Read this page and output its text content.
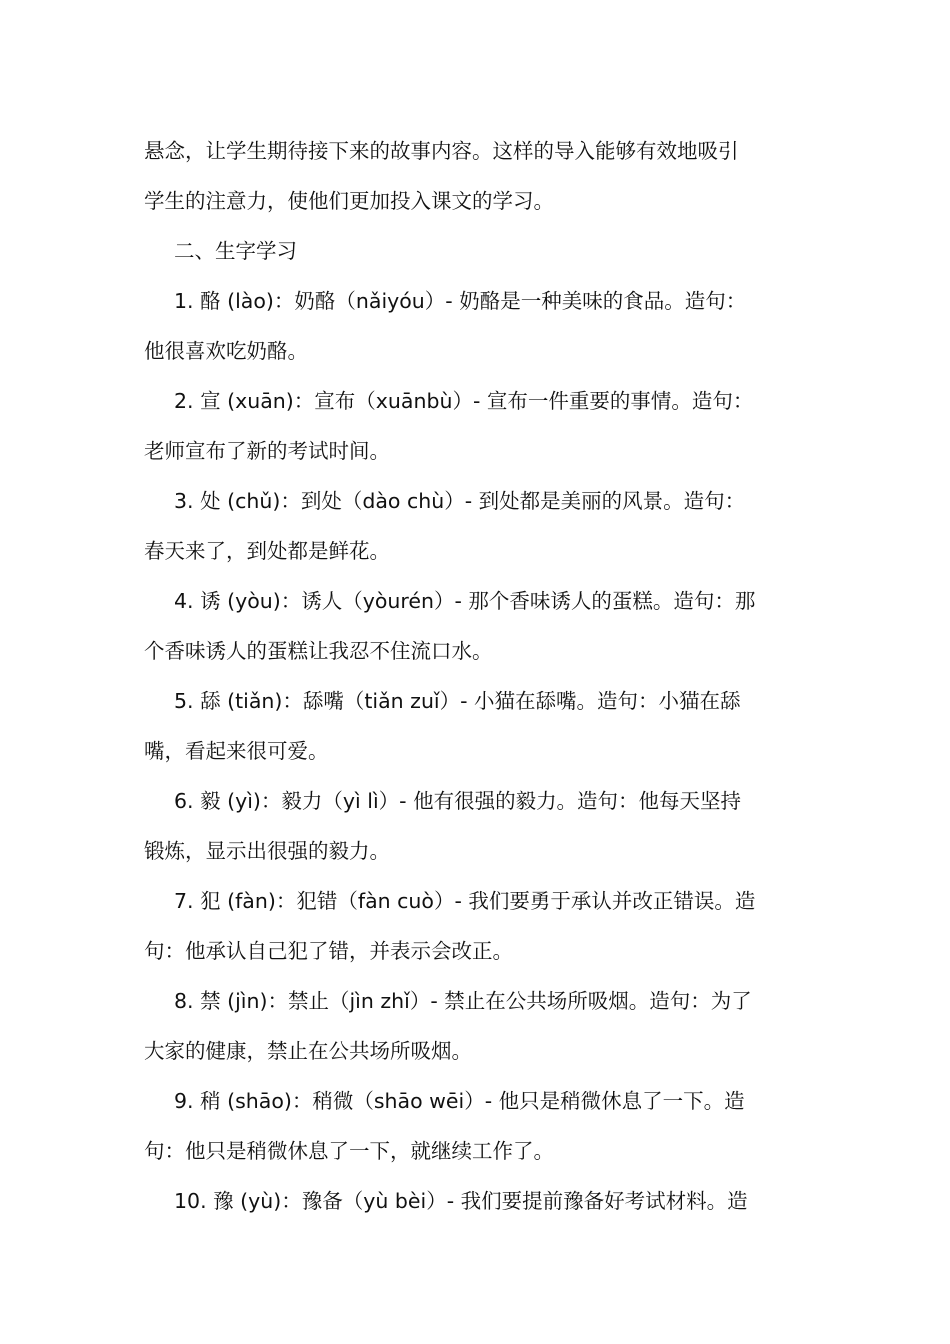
悬念，让学生期待接下来的故事内容。这样的导入能够有效地吸引
学生的注意力，使他们更加投入课文的学习。

二、生字学习

1. 酪 (lào)：奶酪（nǎiyóu）- 奶酪是一种美味的食品。造句：
他很喜欢吃奶酪。
2. 宣 (xuān)：宣布（xuānbù）- 宣布一件重要的事情。造句：
老师宣布了新的考试时间。
3. 处 (chǔ)：到处（dào chù）- 到处都是美丽的风景。造句：
春天来了，到处都是鲜花。
4. 诱 (yòu)：诱人（yòurén）- 那个香味诱人的蛋糕。造句：那
个香味诱人的蛋糕让我忍不住流口水。
5. 舔 (tiǎn)：舔嘴（tiǎn zuǐ）- 小猫在舔嘴。造句：小猫在舔
嘴，看起来很可爱。
6. 毅 (yì)：毅力（yì lì）- 他有很强的毅力。造句：他每天坚持
锻炼，显示出很强的毅力。
7. 犯 (fàn)：犯错（fàn cuò）- 我们要勇于承认并改正错误。造
句：他承认自己犯了错，并表示会改正。
8. 禁 (jìn)：禁止（jìn zhǐ）- 禁止在公共场所吸烟。造句：为了
大家的健康，禁止在公共场所吸烟。
9. 稍 (shāo)：稍微（shāo wēi）- 他只是稍微休息了一下。造
句：他只是稍微休息了一下，就继续工作了。
10. 豫 (yù)：豫备（yù bèi）- 我们要提前豫备好考试材料。造
